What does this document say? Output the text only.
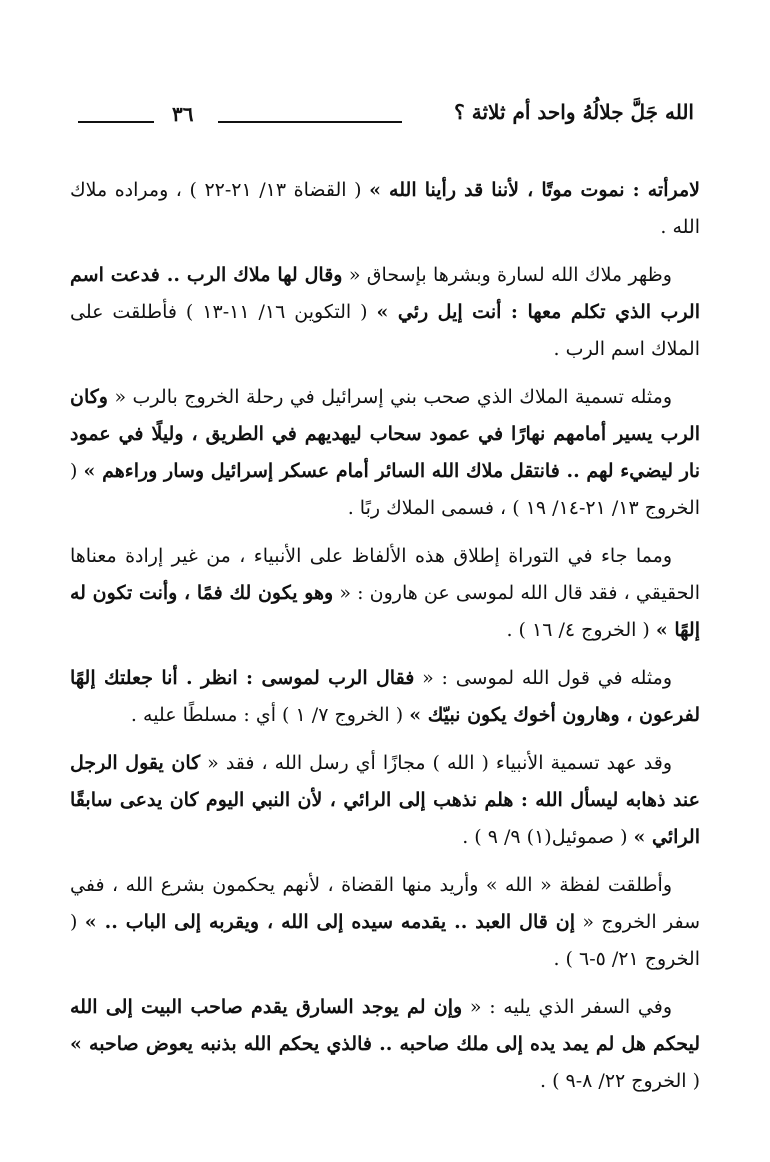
الله جَلَّ جلالُهُ واحد أم ثلاثة ؟
٣٦

لامرأته : نموت موتًا ، لأننا قد رأينا الله » ( القضاة ١٣/ ٢١-٢٢ ) ، ومراده ملاك الله .

وظهر ملاك الله لسارة وبشرها بإسحاق « وقال لها ملاك الرب .. فدعت اسم الرب الذي تكلم معها : أنت إيل رئي » ( التكوين ١٦/ ١١-١٣ ) فأطلقت على الملاك اسم الرب .

ومثله تسمية الملاك الذي صحب بني إسرائيل في رحلة الخروج بالرب « وكان الرب يسير أمامهم نهارًا في عمود سحاب ليهديهم في الطريق ، وليلًا في عمود نار ليضيء لهم .. فانتقل ملاك الله السائر أمام عسكر إسرائيل وسار وراءهم » ( الخروج ١٣/ ٢١-١٤/ ١٩ ) ، فسمى الملاك ربًا .

ومما جاء في التوراة إطلاق هذه الألفاظ على الأنبياء ، من غير إرادة معناها الحقيقي ، فقد قال الله لموسى عن هارون : « وهو يكون لك فمًا ، وأنت تكون له إلهًا » ( الخروج ٤/ ١٦ ) .

ومثله في قول الله لموسى : « فقال الرب لموسى : انظر . أنا جعلتك إلهًا لفرعون ، وهارون أخوك يكون نبيّك » ( الخروج ٧/ ١ ) أي : مسلطًا عليه .

وقد عهد تسمية الأنبياء ( الله ) مجازًا أي رسل الله ، فقد « كان يقول الرجل عند ذهابه ليسأل الله : هلم نذهب إلى الرائي ، لأن النبي اليوم كان يدعى سابقًا الرائي » ( صموئيل(١) ٩/ ٩ ) .

وأطلقت لفظة « الله » وأريد منها القضاة ، لأنهم يحكمون بشرع الله ، ففي سفر الخروج « إن قال العبد .. يقدمه سيده إلى الله ، ويقربه إلى الباب .. » ( الخروج ٢١/ ٥-٦ ) .

وفي السفر الذي يليه : « وإن لم يوجد السارق يقدم صاحب البيت إلى الله ليحكم هل لم يمد يده إلى ملك صاحبه .. فالذي يحكم الله بذنبه يعوض صاحبه » ( الخروج ٢٢/ ٨-٩ ) .
